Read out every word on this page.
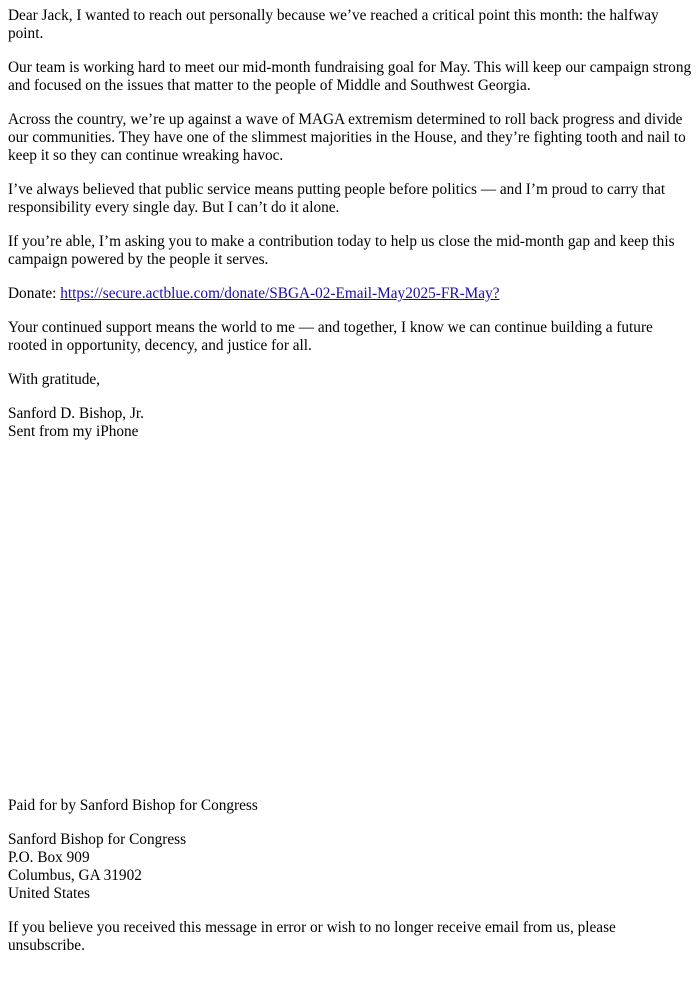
Dear Jack, I wanted to reach out personally because we’ve reached a critical point this month: the halfway point.

Our team is working hard to meet our mid-month fundraising goal for May. This will keep our campaign strong and focused on the issues that matter to the people of Middle and Southwest Georgia.

Across the country, we’re up against a wave of MAGA extremism determined to roll back progress and divide our communities. They have one of the slimmest majorities in the House, and they’re fighting tooth and nail to keep it so they can continue wreaking havoc.

I’ve always believed that public service means putting people before politics — and I’m proud to carry that responsibility every single day. But I can’t do it alone.

If you’re able, I’m asking you to make a contribution today to help us close the mid-month gap and keep this campaign powered by the people it serves.

Donate: https://secure.actblue.com/donate/SBGA-02-Email-May2025-FR-May?

Your continued support means the world to me — and together, I know we can continue building a future rooted in opportunity, decency, and justice for all.

With gratitude,

Sanford D. Bishop, Jr.
Sent from my iPhone

Paid for by Sanford Bishop for Congress

Sanford Bishop for Congress
P.O. Box 909
Columbus, GA 31902
United States

If you believe you received this message in error or wish to no longer receive email from us, please unsubscribe.
